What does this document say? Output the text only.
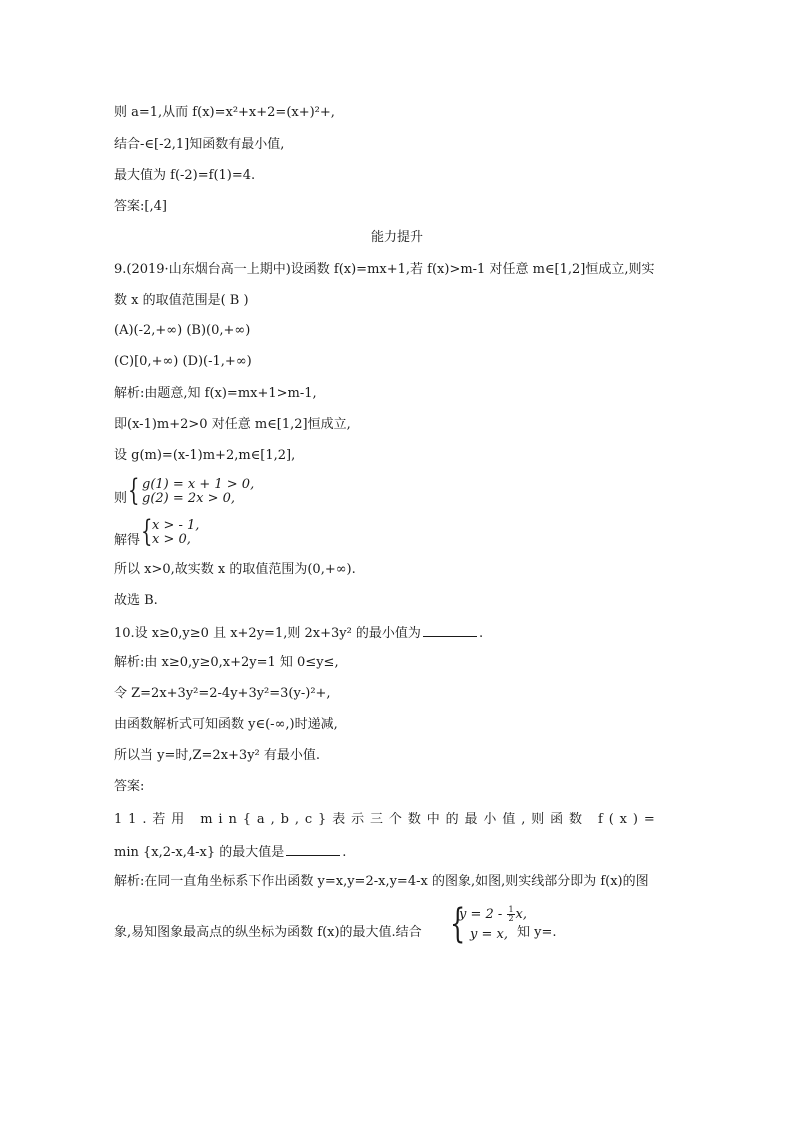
则 a=1,从而 f(x)=x²+x+2=(x+)²+,
结合-∈[-2,1]知函数有最小值,
最大值为 f(-2)=f(1)=4.
答案:[,4]
能力提升
9.(2019·山东烟台高一上期中)设函数 f(x)=mx+1,若 f(x)>m-1 对任意 m∈[1,2]恒成立,则实
数 x 的取值范围是( B )
(A)(-2,+∞) (B)(0,+∞)
(C)[0,+∞) (D)(-1,+∞)
解析:由题意,知 f(x)=mx+1>m-1,
即(x-1)m+2>0 对任意 m∈[1,2]恒成立,
设 g(m)=(x-1)m+2,m∈[1,2],
则 { g(1) = x + 1 > 0,
g(2) = 2x > 0,
解得 { x > - 1,
x > 0,
所以 x>0,故实数 x 的取值范围为(0,+∞).
故选 B.
10.设 x≥0,y≥0 且 x+2y=1,则 2x+3y² 的最小值为	.
解析:由 x≥0,y≥0,x+2y=1 知 0≤y≤,
令 Z=2x+3y²=2-4y+3y²=3(y-)²+,
由函数解析式可知函数 y∈(-∞,)时递减,
所以当 y=时,Z=2x+3y² 有最小值.
答案:
11.若用 min{a,b,c}表示三个数中的最小值,则函数 f(x)=
min {x,2-x,4-x} 的最大值是	.
解析:在同一直角坐标系下作出函数 y=x,y=2-x,y=4-x 的图象,如图,则实线部分即为 f(x)的图
象,易知图象最高点的纵坐标为函数 f(x)的最大值.结合 {
$y = 2 - \frac{1}{2} x$,
y = x, 知 y=.
